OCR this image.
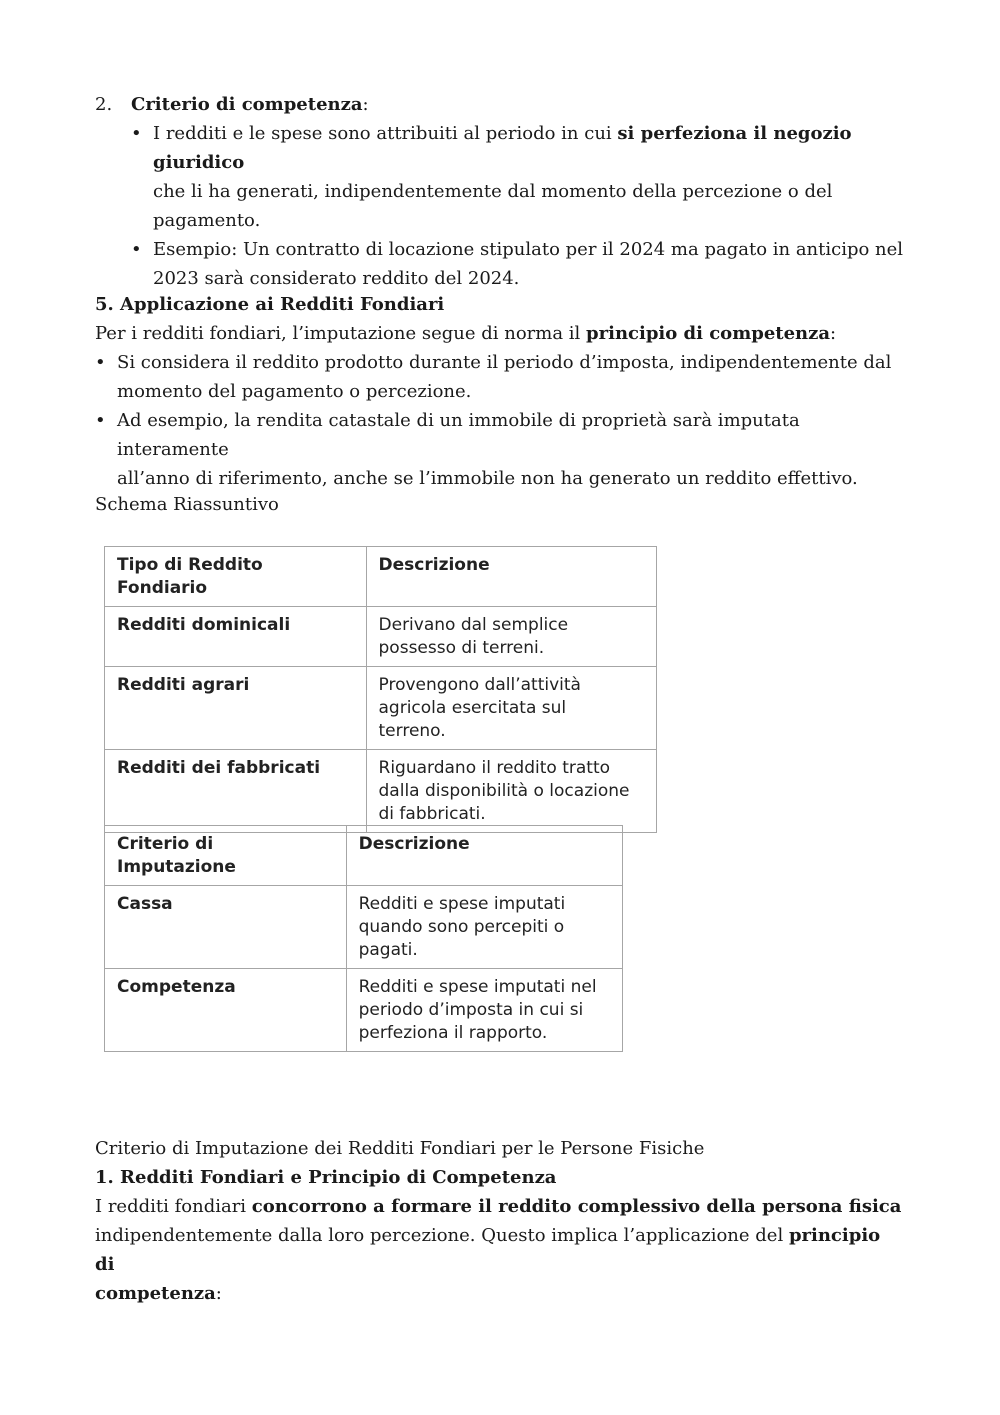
2.	Criterio di competenza:
• I redditi e le spese sono attribuiti al periodo in cui si perfeziona il negozio giuridico
che li ha generati, indipendentemente dal momento della percezione o del
pagamento.
• Esempio: Un contratto di locazione stipulato per il 2024 ma pagato in anticipo nel
2023 sarà considerato reddito del 2024.

5. Applicazione ai Redditi Fondiari

Per i redditi fondiari, l’imputazione segue di norma il principio di competenza:

• Si considera il reddito prodotto durante il periodo d’imposta, indipendentemente dal
momento del pagamento o percezione.
• Ad esempio, la rendita catastale di un immobile di proprietà sarà imputata interamente
all’anno di riferimento, anche se l’immobile non ha generato un reddito effettivo.

Schema Riassuntivo

Tipo di Reddito Fondiario	Descrizione
Redditi dominicali	Derivano dal semplice
possesso di terreni.

Redditi agrari	Provengono dall’attività
agricola esercitata sul
terreno.

Redditi dei fabbricati	Riguardano il reddito tratto
dalla disponibilità o locazione
di fabbricati.
Criterio di Imputazione	Descrizione
Cassa	Redditi e spese imputati
quando sono percepiti o
pagati.

Competenza	Redditi e spese imputati nel
periodo d’imposta in cui si
perfeziona il rapporto.

Criterio di Imputazione dei Redditi Fondiari per le Persone Fisiche

1. Redditi Fondiari e Principio di Competenza

I redditi fondiari concorrono a formare il reddito complessivo della persona fisica

indipendentemente dalla loro percezione. Questo implica l’applicazione del principio di

competenza:
